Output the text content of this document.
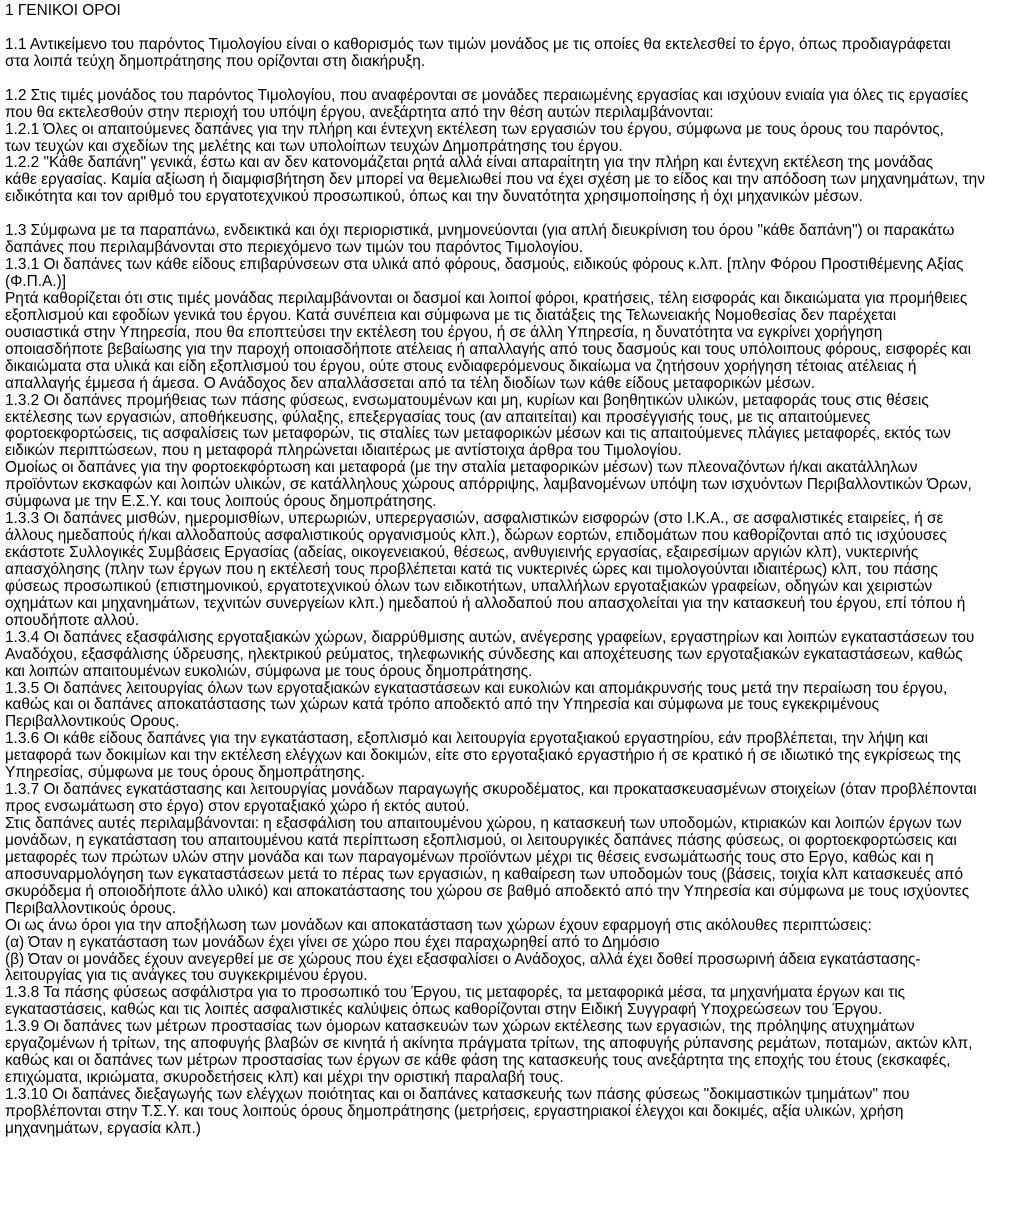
1 ΓΕΝΙΚΟΙ ΟΡΟΙ
1.1 Αντικείμενο του παρόντος Τιμολογίου είναι ο καθορισμός των τιμών μονάδος με τις οποίες θα εκτελεσθεί το έργο, όπως προδιαγράφεται
στα λοιπά τεύχη δημοπράτησης που ορίζονται στη διακήρυξη.
1.2 Στις τιμές μονάδος του παρόντος Τιμολογίου, που αναφέρονται σε μονάδες περαιωμένης εργασίας και ισχύουν ενιαία για όλες τις εργασίες
που θα εκτελεσθούν στην περιοχή του υπόψη έργου, ανεξάρτητα από την θέση αυτών περιλαμβάνονται:
1.2.1 Όλες οι απαιτούμενες δαπάνες για την πλήρη και έντεχνη εκτέλεση των εργασιών του έργου, σύμφωνα με τους όρους του παρόντος,
των τευχών και σχεδίων της μελέτης και των υπολοίπων τευχών Δημοπράτησης του έργου.
1.2.2 "Κάθε δαπάνη" γενικά, έστω και αν δεν κατονομάζεται ρητά αλλά είναι απαραίτητη για την πλήρη και έντεχνη εκτέλεση της μονάδας
κάθε εργασίας. Καμία αξίωση ή διαμφισβήτηση δεν μπορεί να θεμελιωθεί που να έχει σχέση με το είδος και την απόδοση των μηχανημάτων, την
ειδικότητα και τον αριθμό του εργατοτεχνικού προσωπικού, όπως και την δυνατότητα χρησιμοποίησης ή όχι μηχανικών μέσων.
1.3 Σύμφωνα με τα παραπάνω, ενδεικτικά και όχι περιοριστικά, μνημονεύονται (για απλή διευκρίνιση του όρου "κάθε δαπάνη") οι παρακάτω
δαπάνες που περιλαμβάνονται στο περιεχόμενο των τιμών του παρόντος Τιμολογίου.
1.3.1 Οι δαπάνες των κάθε είδους επιβαρύνσεων στα υλικά από φόρους, δασμούς, ειδικούς φόρους κ.λπ. [πλην Φόρου Προστιθέμενης Αξίας
(Φ.Π.Α.)]
Ρητά καθορίζεται ότι στις τιμές μονάδας περιλαμβάνονται οι δασμοί και λοιποί φόροι, κρατήσεις, τέλη εισφοράς και δικαιώματα για προμήθειες
εξοπλισμού και εφοδίων γενικά του έργου. Κατά συνέπεια και σύμφωνα με τις διατάξεις της Τελωνειακής Νομοθεσίας δεν παρέχεται
ουσιαστικά στην Υπηρεσία, που θα εποπτεύσει την εκτέλεση του έργου, ή σε άλλη Υπηρεσία, η δυνατότητα να εγκρίνει χορήγηση
οποιασδήποτε βεβαίωσης για την παροχή οποιασδήποτε ατέλειας ή απαλλαγής από τους δασμούς και τους υπόλοιπους φόρους, εισφορές και
δικαιώματα στα υλικά και είδη εξοπλισμού του έργου, ούτε στους ενδιαφερόμενους δικαίωμα να ζητήσουν χορήγηση τέτοιας ατέλειας ή
απαλλαγής έμμεσα ή άμεσα. Ο Ανάδοχος δεν απαλλάσσεται από τα τέλη διοδίων των κάθε είδους μεταφορικών μέσων.
1.3.2 Οι δαπάνες προμήθειας των πάσης φύσεως, ενσωματουμένων και μη, κυρίων και βοηθητικών υλικών, μεταφοράς τους στις θέσεις
εκτέλεσης των εργασιών, αποθήκευσης, φύλαξης, επεξεργασίας τους (αν απαιτείται) και προσέγγισής τους, με τις απαιτούμενες
φορτοεκφορτώσεις, τις ασφαλίσεις των μεταφορών, τις σταλίες των μεταφορικών μέσων και τις απαιτούμενες πλάγιες μεταφορές, εκτός των
ειδικών περιπτώσεων, που η μεταφορά πληρώνεται ιδιαιτέρως με αντίστοιχα άρθρα του Τιμολογίου.
Ομοίως οι δαπάνες για την φορτοεκφόρτωση και μεταφορά (με την σταλία μεταφορικών μέσων) των πλεοναζόντων ή/και ακατάλληλων
προϊόντων εκσκαφών και λοιπών υλικών, σε κατάλληλους χώρους απόρριψης, λαμβανομένων υπόψη των ισχυόντων Περιβαλλοντικών Όρων,
σύμφωνα με την Ε.Σ.Υ. και τους λοιπούς όρους δημοπράτησης.
1.3.3 Οι δαπάνες μισθών, ημερομισθίων, υπερωριών, υπερεργασιών, ασφαλιστικών εισφορών (στο Ι.Κ.Α., σε ασφαλιστικές εταιρείες, ή σε
άλλους ημεδαπούς ή/και αλλοδαπούς ασφαλιστικούς οργανισμούς κλπ.), δώρων εορτών, επιδομάτων που καθορίζονται από τις ισχύουσες
εκάστοτε Συλλογικές Συμβάσεις Εργασίας (αδείας, οικογενειακού, θέσεως, ανθυγιεινής εργασίας, εξαιρεσίμων αργιών κλπ), νυκτερινής
απασχόλησης (πλην των έργων που η εκτέλεσή τους προβλέπεται κατά τις νυκτερινές ώρες και τιμολογούνται ιδιαιτέρως) κλπ, του πάσης
φύσεως προσωπικού (επιστημονικού, εργατοτεχνικού όλων των ειδικοτήτων, υπαλλήλων εργοταξιακών γραφείων, οδηγών και χειριστών
οχημάτων και μηχανημάτων, τεχνιτών συνεργείων κλπ.) ημεδαπού ή αλλοδαπού που απασχολείται για την κατασκευή του έργου, επί τόπου ή
οπουδήποτε αλλού.
1.3.4 Οι δαπάνες εξασφάλισης εργοταξιακών χώρων, διαρρύθμισης αυτών, ανέγερσης γραφείων, εργαστηρίων και λοιπών εγκαταστάσεων του
Αναδόχου, εξασφάλισης ύδρευσης, ηλεκτρικού ρεύματος, τηλεφωνικής σύνδεσης και αποχέτευσης των εργοταξιακών εγκαταστάσεων, καθώς
και λοιπών απαιτουμένων ευκολιών, σύμφωνα με τους όρους δημοπράτησης.
1.3.5 Οι δαπάνες λειτουργίας όλων των εργοταξιακών εγκαταστάσεων και ευκολιών και απομάκρυνσής τους μετά την περαίωση του έργου,
καθώς και οι δαπάνες αποκατάστασης των χώρων κατά τρόπο αποδεκτό από την Υπηρεσία και σύμφωνα με τους εγκεκριμένους
Περιβαλλοντικούς Ορους.
1.3.6 Οι κάθε είδους δαπάνες για την εγκατάσταση, εξοπλισμό και λειτουργία εργοταξιακού εργαστηρίου, εάν προβλέπεται, την λήψη και
μεταφορά των δοκιμίων και την εκτέλεση ελέγχων και δοκιμών, είτε στο εργοταξιακό εργαστήριο ή σε κρατικό ή σε ιδιωτικό της εγκρίσεως της
Υπηρεσίας, σύμφωνα με τους όρους δημοπράτησης.
1.3.7 Οι δαπάνες εγκατάστασης και λειτουργίας μονάδων παραγωγής σκυροδέματος, και προκατασκευασμένων στοιχείων (όταν προβλέπονται
προς ενσωμάτωση στο έργο) στον εργοταξιακό χώρο ή εκτός αυτού.
Στις δαπάνες αυτές περιλαμβάνονται: η εξασφάλιση του απαιτουμένου χώρου, η κατασκευή των υποδομών, κτιριακών και λοιπών έργων των
μονάδων, η εγκατάσταση του απαιτουμένου κατά περίπτωση εξοπλισμού, οι λειτουργικές δαπάνες πάσης φύσεως, οι φορτοεκφορτώσεις και
μεταφορές των πρώτων υλών στην μονάδα και των παραγομένων προϊόντων μέχρι τις θέσεις ενσωμάτωσής τους στο Εργο, καθώς και η
αποσυναρμολόγηση των εγκαταστάσεων μετά το πέρας των εργασιών, η καθαίρεση των υποδομών τους (βάσεις, τοιχία κλπ κατασκευές από
σκυρόδεμα ή οποιοδήποτε άλλο υλικό) και αποκατάστασης του χώρου σε βαθμό αποδεκτό από την Υπηρεσία και σύμφωνα με τους ισχύοντες
Περιβαλλοντικούς όρους.
Οι ως άνω όροι για την αποξήλωση των μονάδων και αποκατάσταση των χώρων έχουν εφαρμογή στις ακόλουθες περιπτώσεις:
(α) Όταν η εγκατάσταση των μονάδων έχει γίνει σε χώρο που έχει παραχωρηθεί από το Δημόσιο
(β) Όταν οι μονάδες έχουν ανεγερθεί με σε χώρους που έχει εξασφαλίσει ο Ανάδοχος, αλλά έχει δοθεί προσωρινή άδεια εγκατάστασης-
λειτουργίας για τις ανάγκες του συγκεκριμένου έργου.
1.3.8 Τα πάσης φύσεως ασφάλιστρα για το προσωπικό του Έργου, τις μεταφορές, τα μεταφορικά μέσα, τα μηχανήματα έργων και τις
εγκαταστάσεις, καθώς και τις λοιπές ασφαλιστικές καλύψεις όπως καθορίζονται στην Ειδική Συγγραφή Υποχρεώσεων του Έργου.
1.3.9 Οι δαπάνες των μέτρων προστασίας των όμορων κατασκευών των χώρων εκτέλεσης των εργασιών, της πρόληψης ατυχημάτων
εργαζομένων ή τρίτων, της αποφυγής βλαβών σε κινητά ή ακίνητα πράγματα τρίτων, της αποφυγής ρύπανσης ρεμάτων, ποταμών, ακτών κλπ,
καθώς και οι δαπάνες των μέτρων προστασίας των έργων σε κάθε φάση της κατασκευής τους ανεξάρτητα της εποχής του έτους (εκσκαφές,
επιχώματα, ικριώματα, σκυροδετήσεις κλπ) και μέχρι την οριστική παραλαβή τους.
1.3.10 Οι δαπάνες διεξαγωγής των ελέγχων ποιότητας και οι δαπάνες κατασκευής των πάσης φύσεως "δοκιμαστικών τμημάτων" που
προβλέπονται στην Τ.Σ.Υ. και τους λοιπούς όρους δημοπράτησης (μετρήσεις, εργαστηριακοί έλεγχοι και δοκιμές, αξία υλικών, χρήση
μηχανημάτων, εργασία κλπ.)
